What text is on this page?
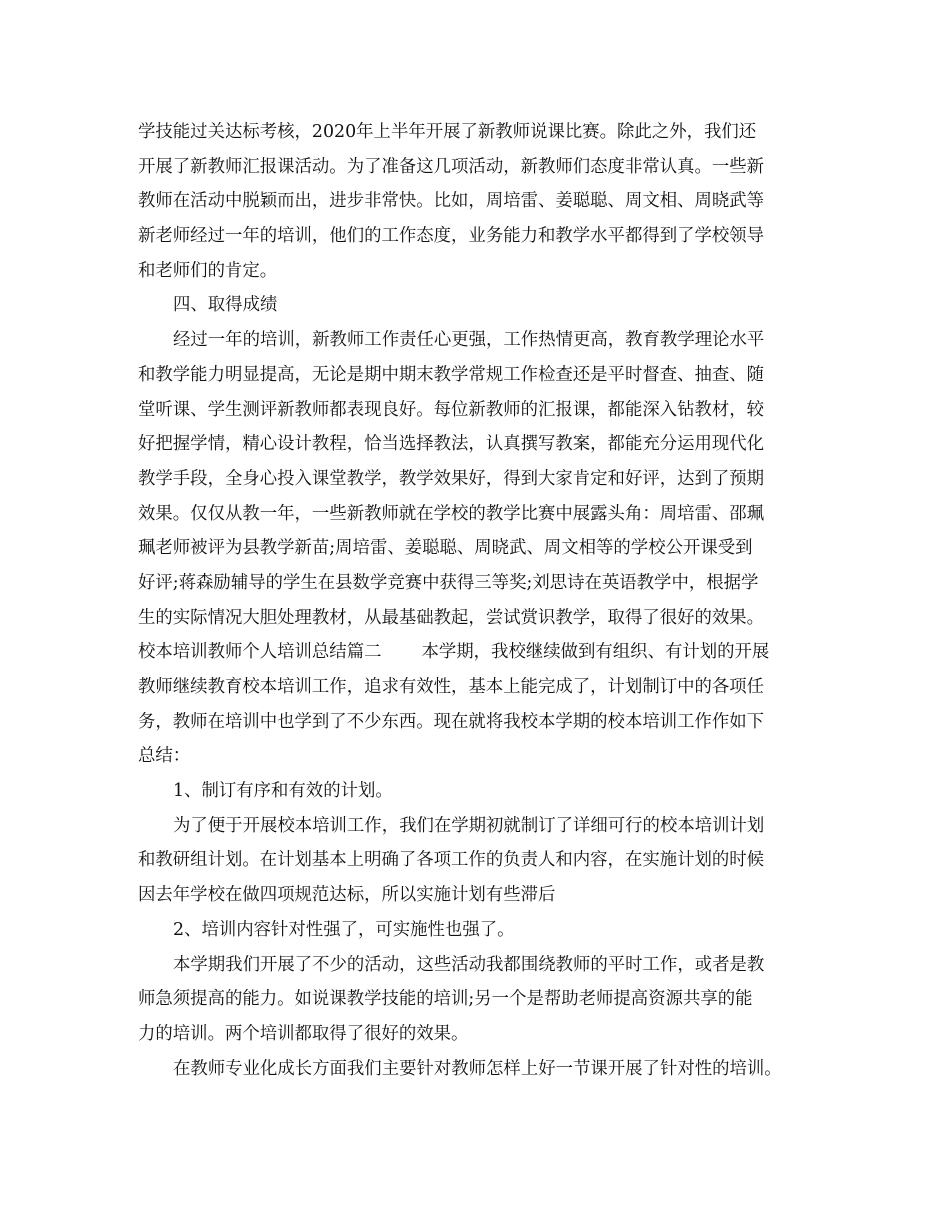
学技能过关达标考核，2020年上半年开展了新教师说课比赛。除此之外，我们还
开展了新教师汇报课活动。为了准备这几项活动，新教师们态度非常认真。一些新
教师在活动中脱颖而出，进步非常快。比如，周培雷、姜聪聪、周文相、周晓武等
新老师经过一年的培训，他们的工作态度，业务能力和教学水平都得到了学校领导
和老师们的肯定。
四、取得成绩
经过一年的培训，新教师工作责任心更强，工作热情更高，教育教学理论水平
和教学能力明显提高，无论是期中期末教学常规工作检查还是平时督查、抽查、随
堂听课、学生测评新教师都表现良好。每位新教师的汇报课，都能深入钻教材，较
好把握学情，精心设计教程，恰当选择教法，认真撰写教案，都能充分运用现代化
教学手段，全身心投入课堂教学，教学效果好，得到大家肯定和好评，达到了预期
效果。仅仅从教一年，一些新教师就在学校的教学比赛中展露头角：周培雷、邵珮
珮老师被评为县教学新苗;周培雷、姜聪聪、周晓武、周文相等的学校公开课受到
好评;蒋森励辅导的学生在县数学竞赛中获得三等奖;刘思诗在英语教学中，根据学
生的实际情况大胆处理教材，从最基础教起，尝试赏识教学，取得了很好的效果。
校本培训教师个人培训总结篇二 本学期，我校继续做到有组织、有计划的开展
教师继续教育校本培训工作，追求有效性，基本上能完成了，计划制订中的各项任
务，教师在培训中也学到了不少东西。现在就将我校本学期的校本培训工作作如下
总结：
1、制订有序和有效的计划。
为了便于开展校本培训工作，我们在学期初就制订了详细可行的校本培训计划
和教研组计划。在计划基本上明确了各项工作的负责人和内容，在实施计划的时候
因去年学校在做四项规范达标，所以实施计划有些滞后
2、培训内容针对性强了，可实施性也强了。
本学期我们开展了不少的活动，这些活动我都围绕教师的平时工作，或者是教
师急须提高的能力。如说课教学技能的培训;另一个是帮助老师提高资源共享的能
力的培训。两个培训都取得了很好的效果。
在教师专业化成长方面我们主要针对教师怎样上好一节课开展了针对性的培训。
